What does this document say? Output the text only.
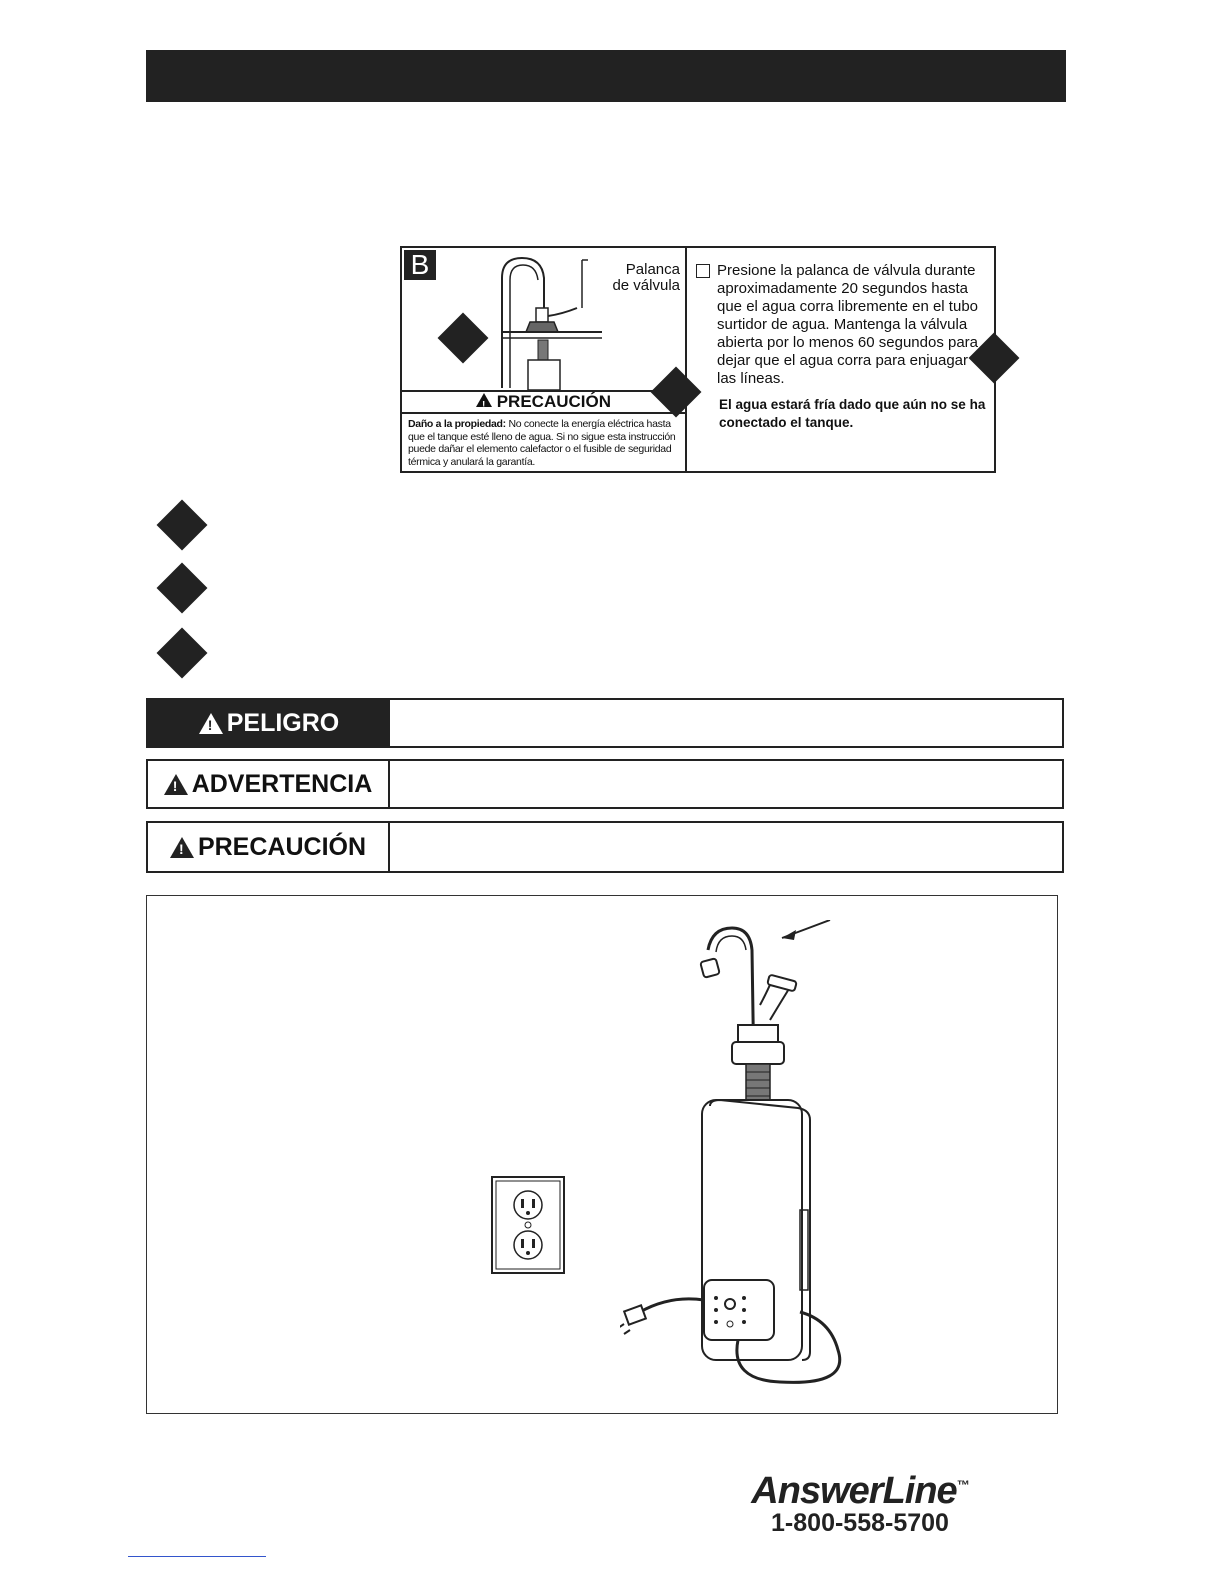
B	Palanca
de válvula
! PRECAUCIÓN
Daño a la propiedad: No conecte la energía eléctrica hasta que el tanque esté lleno de agua. Si no sigue esta instrucción puede dañar el elemento calefactor o el fusible de seguridad térmica y anulará la garantía.
Presione la palanca de válvula durante aproximadamente 20 segundos hasta que el agua corra libremente en el tubo surtidor de agua. Mantenga la válvula abierta por lo menos 60 segundos para dejar que el agua corra para enjuagar las líneas.
El agua estará fría dado que aún no se ha conectado el tanque.
!
PELIGRO
!
ADVERTENCIA
!
PRECAUCIÓN
AnswerLine™
1-800-558-5700
